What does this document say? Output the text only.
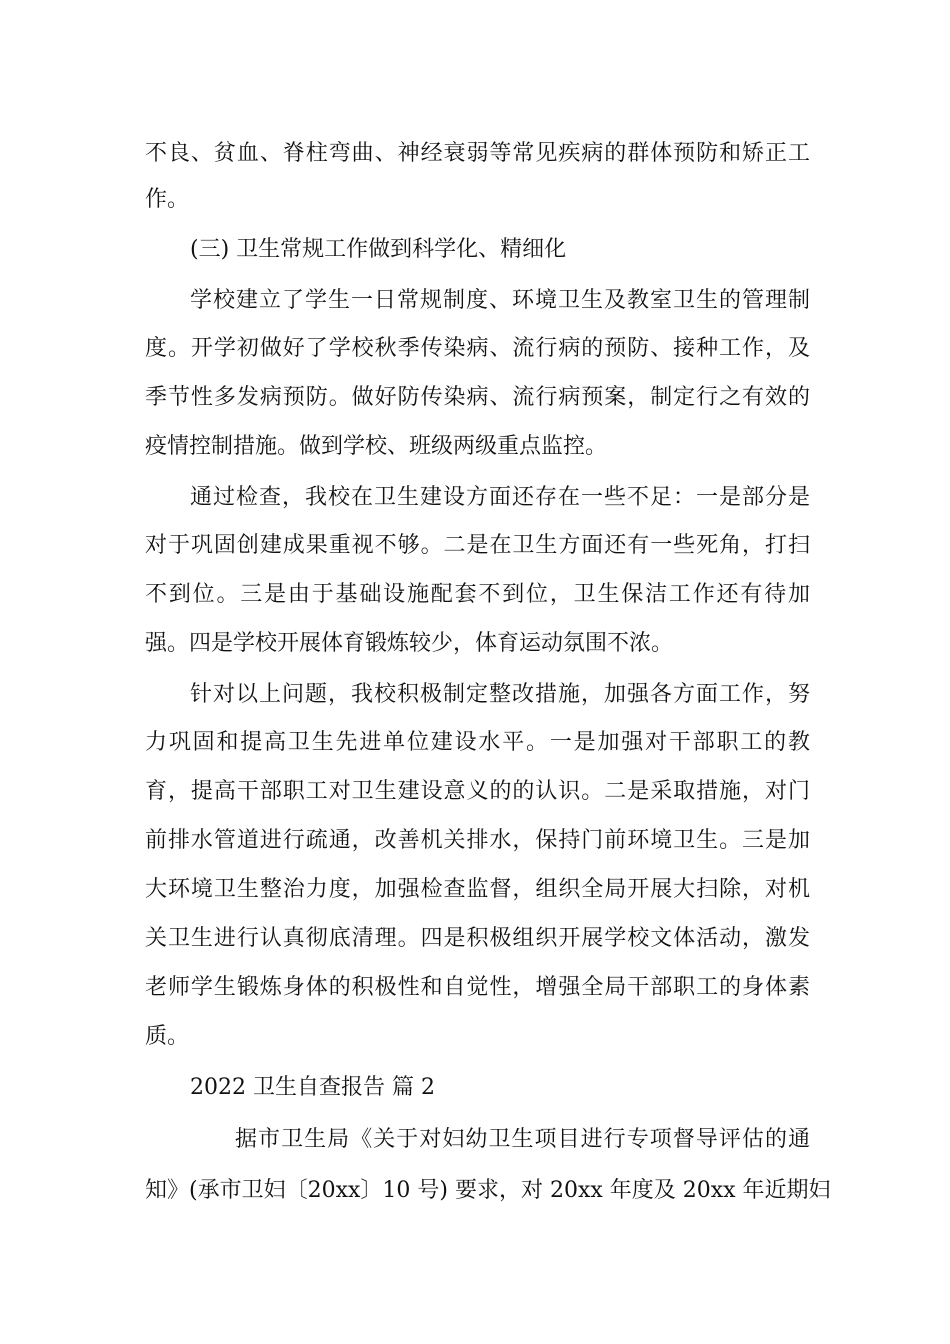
不良、贫血、脊柱弯曲、神经衰弱等常见疾病的群体预防和矫正工
作。
(三) 卫生常规工作做到科学化、精细化
学校建立了学生一日常规制度、环境卫生及教室卫生的管理制
度。开学初做好了学校秋季传染病、流行病的预防、接种工作，及
季节性多发病预防。做好防传染病、流行病预案，制定行之有效的
疫情控制措施。做到学校、班级两级重点监控。
通过检查，我校在卫生建设方面还存在一些不足：一是部分是
对于巩固创建成果重视不够。二是在卫生方面还有一些死角，打扫
不到位。三是由于基础设施配套不到位，卫生保洁工作还有待加
强。四是学校开展体育锻炼较少，体育运动氛围不浓。
针对以上问题，我校积极制定整改措施，加强各方面工作，努
力巩固和提高卫生先进单位建设水平。一是加强对干部职工的教
育，提高干部职工对卫生建设意义的的认识。二是采取措施，对门
前排水管道进行疏通，改善机关排水，保持门前环境卫生。三是加
大环境卫生整治力度，加强检查监督，组织全局开展大扫除，对机
关卫生进行认真彻底清理。四是积极组织开展学校文体活动，激发
老师学生锻炼身体的积极性和自觉性，增强全局干部职工的身体素
质。
2022 卫生自查报告 篇 2
据市卫生局《关于对妇幼卫生项目进行专项督导评估的通
知》(承市卫妇〔20xx〕10 号) 要求，对 20xx 年度及 20xx 年近期妇
